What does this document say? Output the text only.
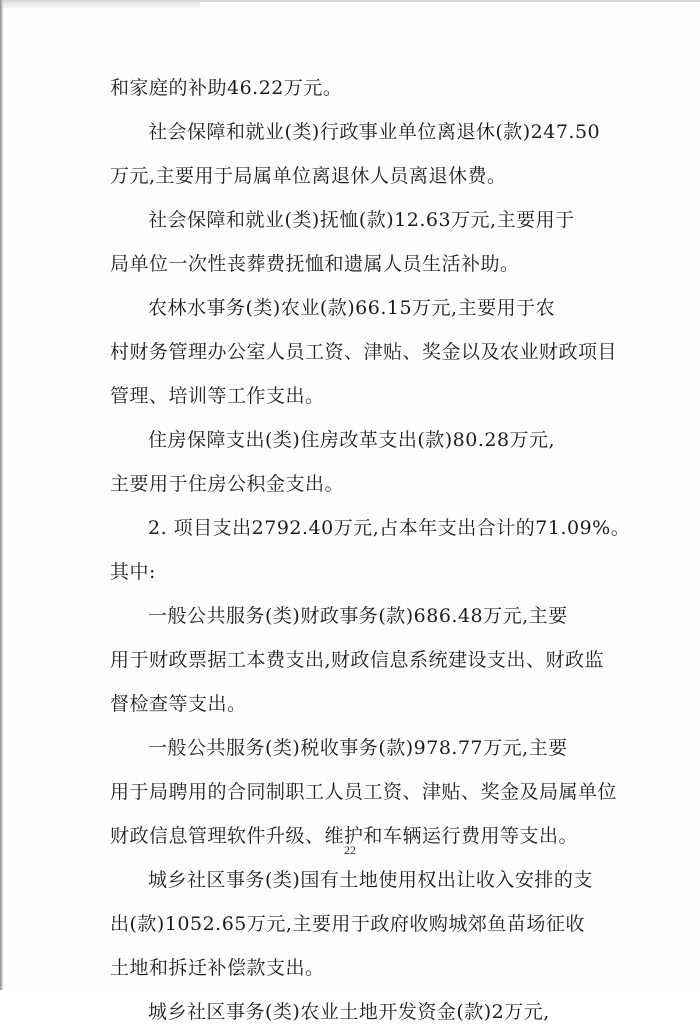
和家庭的补助46.22万元。
社会保障和就业(类)行政事业单位离退休(款)247.50
万元,主要用于局属单位离退休人员离退休费。
社会保障和就业(类)抚恤(款)12.63万元,主要用于
局单位一次性丧葬费抚恤和遗属人员生活补助。
农林水事务(类)农业(款)66.15万元,主要用于农
村财务管理办公室人员工资、津贴、奖金以及农业财政项目
管理、培训等工作支出。
住房保障支出(类)住房改革支出(款)80.28万元,
主要用于住房公积金支出。
2. 项目支出2792.40万元,占本年支出合计的71.09%。
其中:
一般公共服务(类)财政事务(款)686.48万元,主要
用于财政票据工本费支出,财政信息系统建设支出、财政监
督检查等支出。
一般公共服务(类)税收事务(款)978.77万元,主要
用于局聘用的合同制职工人员工资、津贴、奖金及局属单位
财政信息管理软件升级、维护和车辆运行费用等支出。
城乡社区事务(类)国有土地使用权出让收入安排的支
出(款)1052.65万元,主要用于政府收购城郊鱼苗场征收
土地和拆迁补偿款支出。
城乡社区事务(类)农业土地开发资金(款)2万元,
22
